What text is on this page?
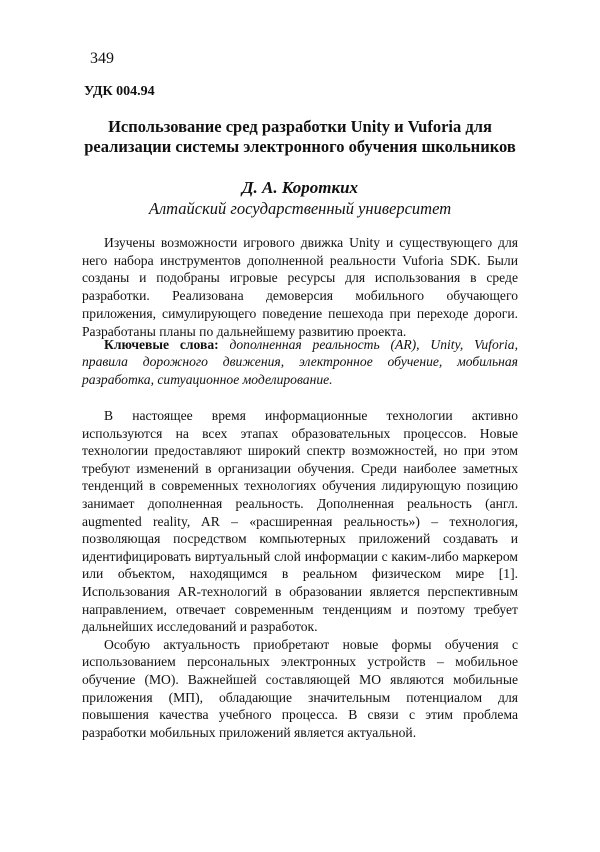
349
УДК 004.94
Использование сред разработки Unity и Vuforia для реализации системы электронного обучения школьников
Д. А. Коротких
Алтайский государственный университет

Изучены возможности игрового движка Unity и существующего для него набора инструментов дополненной реальности Vuforia SDK. Были созданы и подобраны игровые ресурсы для использования в среде разработки. Реализована демоверсия мобильного обучающего приложения, симулирующего поведение пешехода при переходе дороги. Разработаны планы по дальнейшему развитию проекта.

Ключевые слова: дополненная реальность (AR), Unity, Vuforia, правила дорожного движения, электронное обучение, мобильная разработка, ситуационное моделирование.

В настоящее время информационные технологии активно используются на всех этапах образовательных процессов. Новые технологии предоставляют широкий спектр возможностей, но при этом требуют изменений в организации обучения. Среди наиболее заметных тенденций в современных технологиях обучения лидирующую позицию занимает дополненная реальность. Дополненная реальность (англ. augmented reality, AR – «расширенная реальность») – технология, позволяющая посредством компьютерных приложений создавать и идентифицировать виртуальный слой информации с каким-либо маркером или объектом, находящимся в реальном физическом мире [1]. Использования AR-технологий в образовании является перспективным направлением, отвечает современным тенденциям и поэтому требует дальнейших исследований и разработок.

Особую актуальность приобретают новые формы обучения с использованием персональных электронных устройств – мобильное обучение (МО). Важнейшей составляющей МО являются мобильные приложения (МП), обладающие значительным потенциалом для повышения качества учебного процесса. В связи с этим проблема разработки мобильных приложений является актуальной.
